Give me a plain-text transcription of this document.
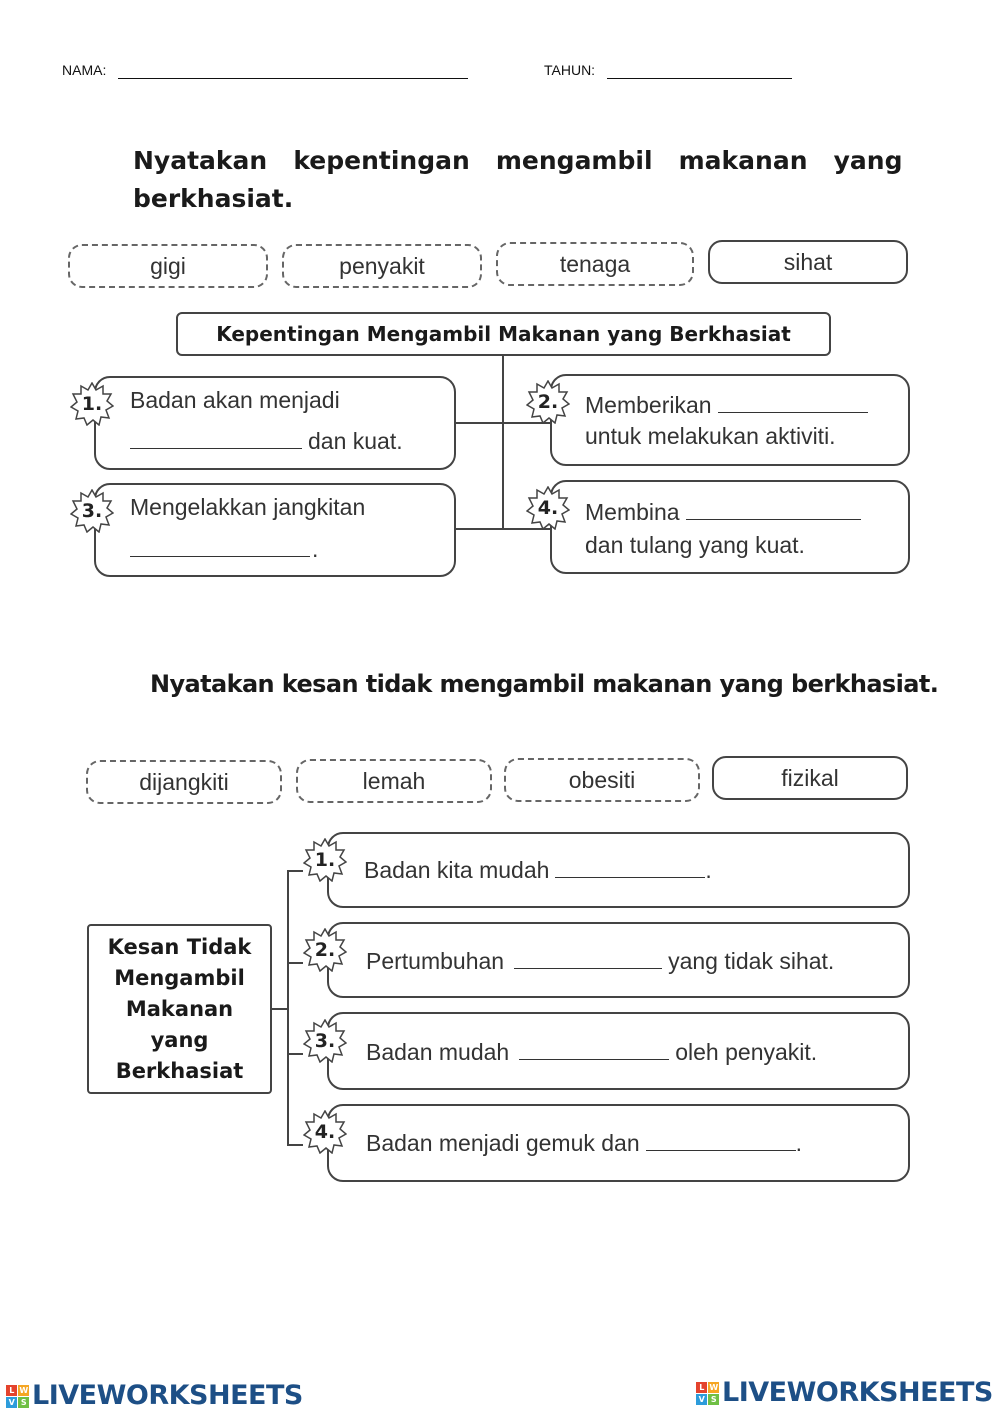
NAMA:	TAHUN:
Nyatakan   kepentingan   mengambil   makanan   yang
berkhasiat.
gigi	penyakit	tenaga	sihat
Kepentingan Mengambil Makanan yang Berkhasiat
1.	2.
3.	4.
Badan akan menjadi
dan kuat.
Memberikan
untuk melakukan aktiviti.
Mengelakkan jangkitan
.
Membina
dan tulang yang kuat.
Nyatakan kesan tidak mengambil makanan yang berkhasiat.
dijangkiti	lemah	obesiti	fizikal
Kesan Tidak
Mengambil
Makanan
yang
Berkhasiat
1.
2.
3.
4.
Badan kita mudah	.
Pertumbuhan	yang tidak sihat.
Badan mudah	oleh penyakit.
Badan menjadi gemuk dan	.
L W
V S LIVEWORKSHEETS	L W
V S LIVEWORKSHEETS
